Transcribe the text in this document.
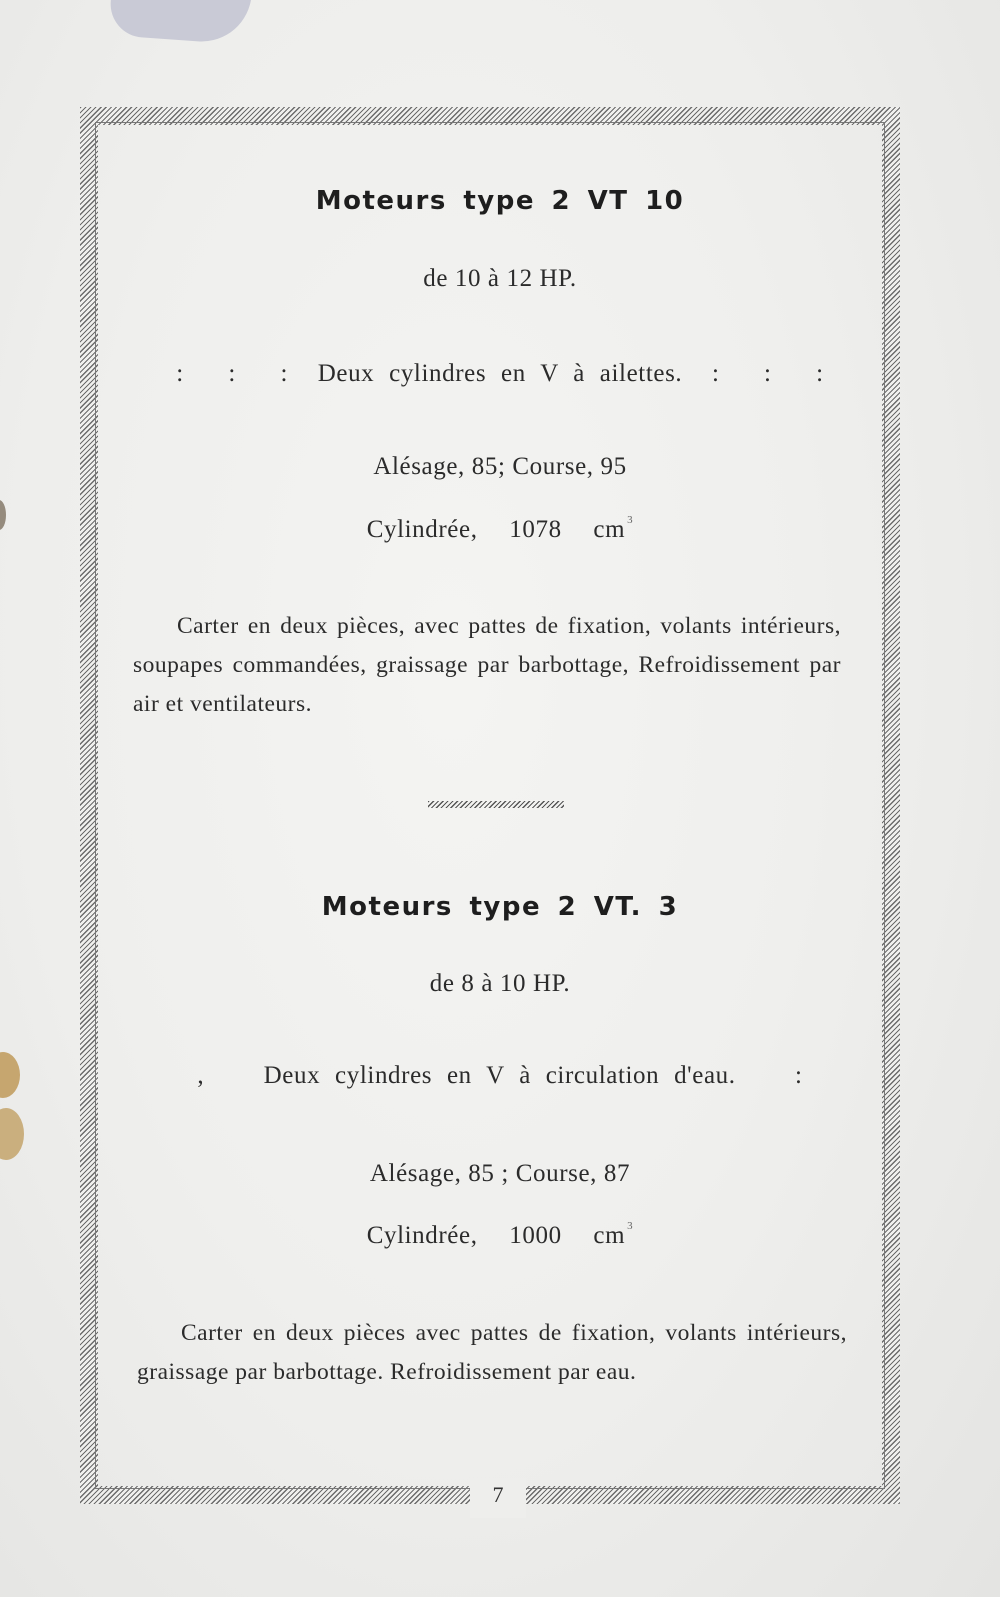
7
Moteurs type 2 VT 10
de 10 à 12 HP.
:   :   :  Deux cylindres en V à ailettes.  :   :   :
Alésage, 85; Course, 95
Cylindrée, 1078 cm $^3$
Carter en deux pièces, avec pattes de fixation, volants intérieurs, soupapes commandées, graissage par barbottage, Refroidissement par air et ventilateurs.
Moteurs type 2 VT. 3
de 8 à 10 HP.
,    Deux cylindres en V à circulation d'eau.    :
Alésage, 85 ; Course, 87
Cylindrée, 1000 cm $^3$
Carter en deux pièces avec pattes de fixation, volants intérieurs, graissage par barbottage. Refroidissement par eau.
